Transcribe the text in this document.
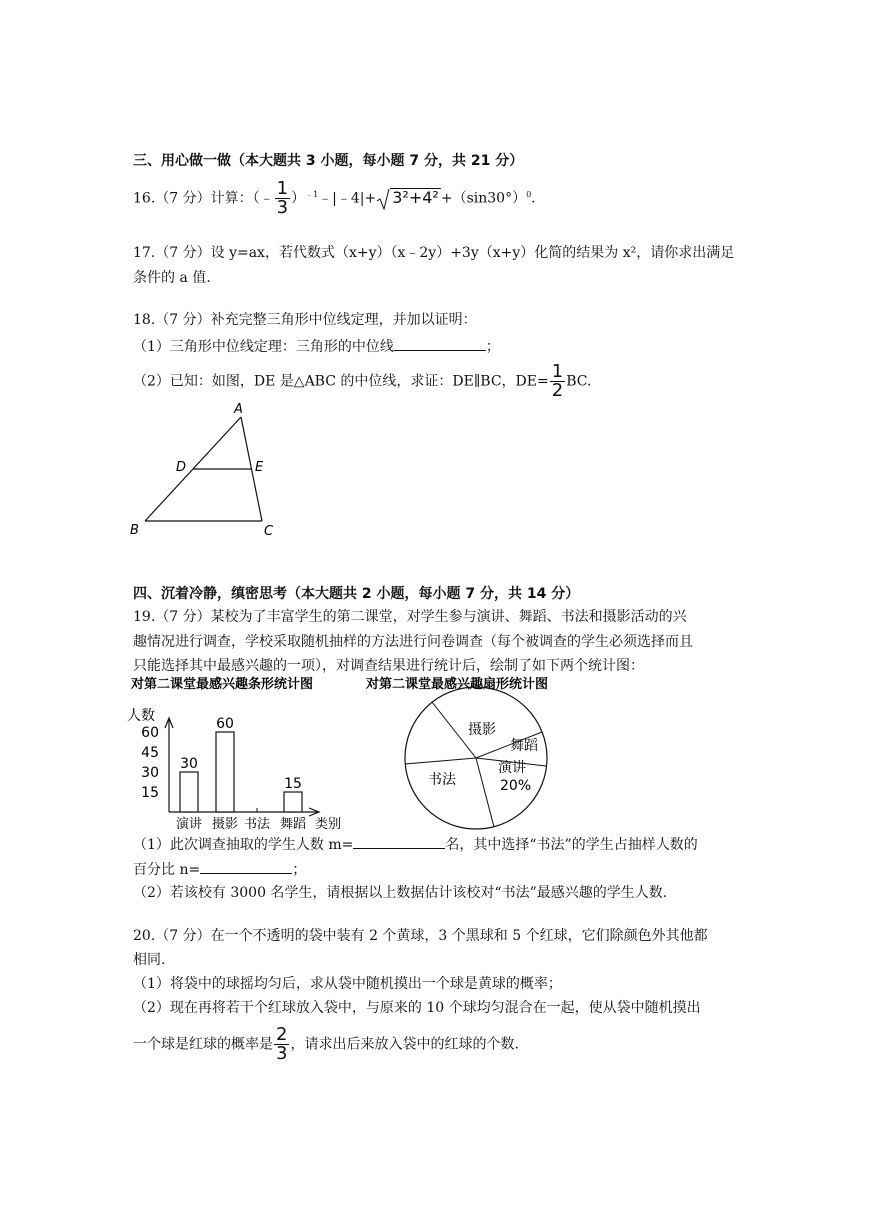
三、用心做一做（本大题共 3 小题，每小题 7 分，共 21 分）
16.（7 分）计算：（﹣ $\frac{1}{3}$ ）$^{﹣1}$﹣|﹣4|+ $3^2+4^2 +(\sin 30^\circ)^0$.
17.（7 分）设 y=ax，若代数式（x+y）（x﹣2y）+3y（x+y）化简的结果为 x²，请你求出满足
条件的 a 值.
18.（7 分）补充完整三角形中位线定理，并加以证明：
（1）三角形中位线定理：三角形的中位线	；
（2）已知：如图，DE 是△ABC 的中位线，求证：DE∥BC，$DE= \frac{1}{2}$ BC.
A
B	C
D	E
四、沉着冷静，缜密思考（本大题共 2 小题，每小题 7 分，共 14 分）
19.（7 分）某校为了丰富学生的第二课堂，对学生参与演讲、舞蹈、书法和摄影活动的兴
趣情况进行调查，学校采取随机抽样的方法进行问卷调查（每个被调查的学生必须选择而且
只能选择其中最感兴趣的一项），对调查结果进行统计后，绘制了如下两个统计图：
对第二课堂最感兴趣条形统计图
人数
类别
60
45
30
15
30
60
15
演讲 摄影 书法 舞蹈
对第二课堂最感兴趣扇形统计图
摄影
舞蹈
演讲
20%
书法
（1）此次调查抽取的学生人数 m=	名，其中选择“书法”的学生占抽样人数的
百分比 n=	；
（2）若该校有 3000 名学生，请根据以上数据估计该校对“书法”最感兴趣的学生人数.
20.（7 分）在一个不透明的袋中装有 2 个黄球，3 个黑球和 5 个红球，它们除颜色外其他都
相同.
（1）将袋中的球摇均匀后，求从袋中随机摸出一个球是黄球的概率；
（2）现在再将若干个红球放入袋中，与原来的 10 个球均匀混合在一起，使从袋中随机摸出
一个球是红球的概率是 $\frac{2}{3}$ ，请求出后来放入袋中的红球的个数.
